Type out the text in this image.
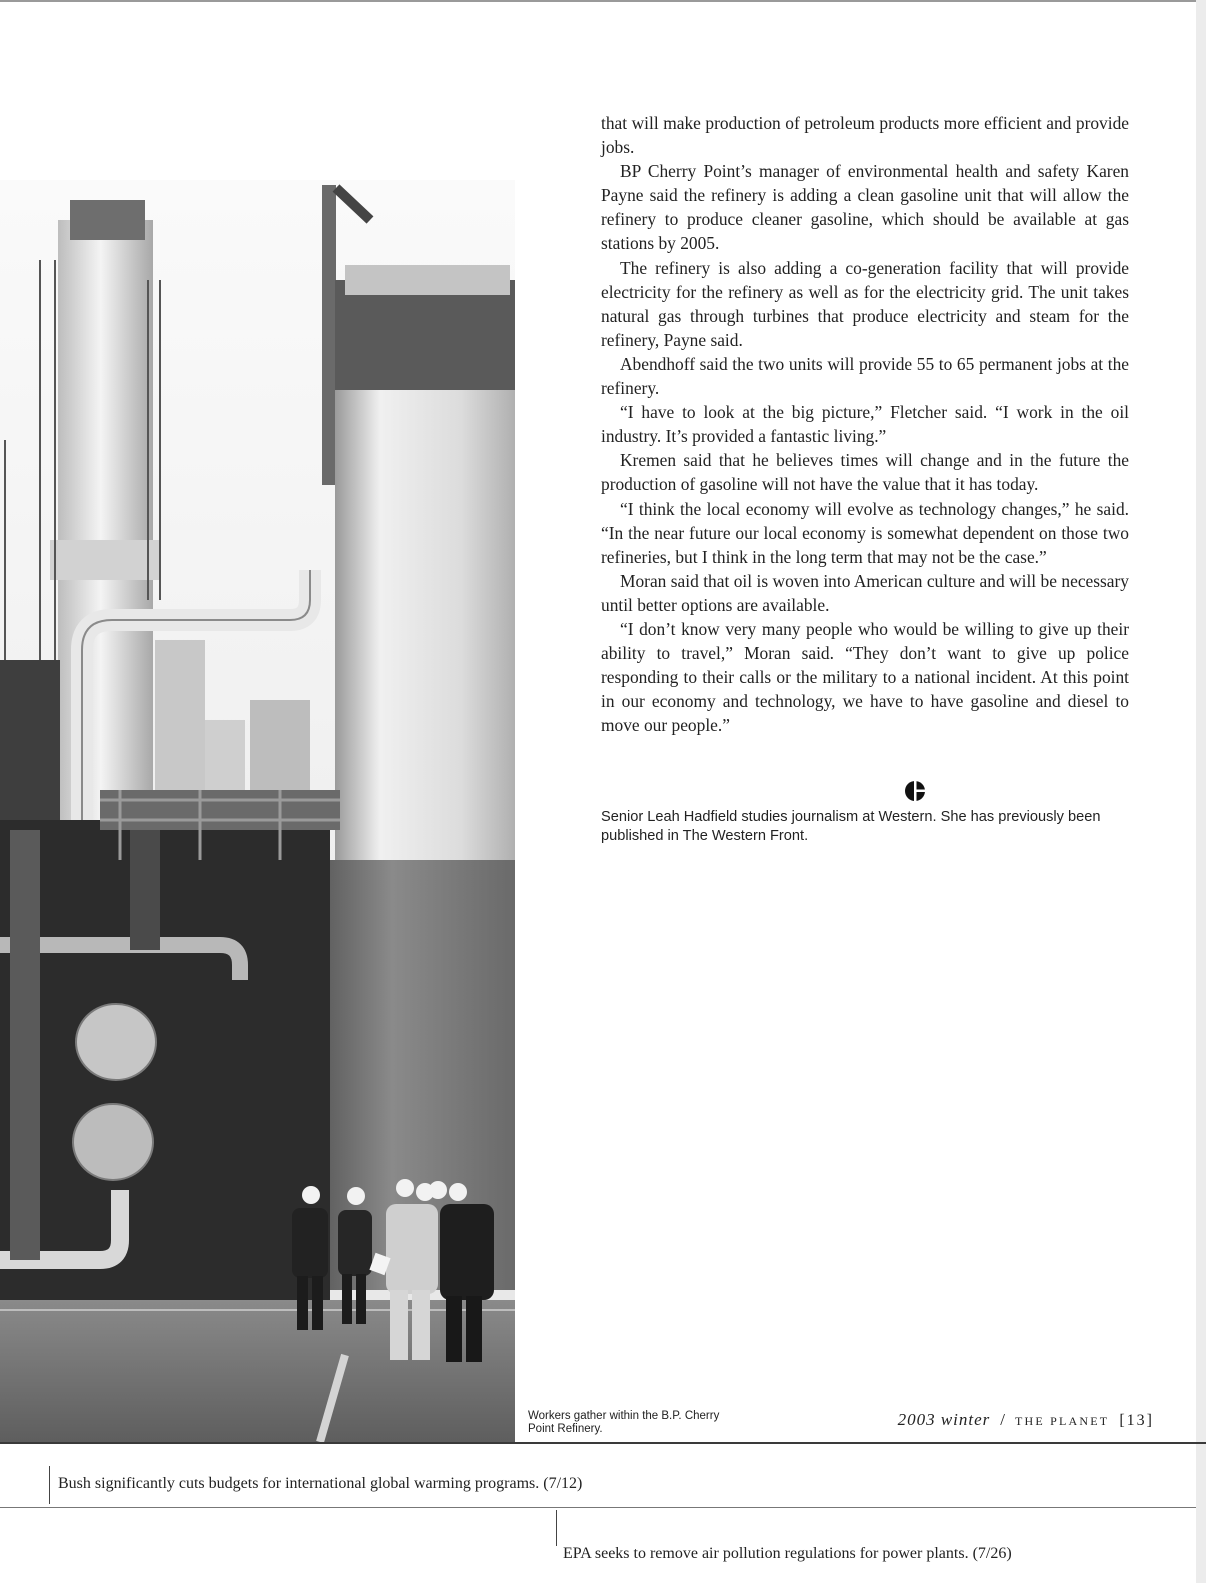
Workers gather within the B.P. Cherry Point Refinery.

that will make production of petroleum products more efficient and provide jobs.

BP Cherry Point’s manager of environmental health and safety Karen Payne said the refinery is adding a clean gasoline unit that will allow the refinery to produce cleaner gasoline, which should be available at gas stations by 2005.

The refinery is also adding a co-generation facility that will provide electricity for the refinery as well as for the electricity grid. The unit takes natural gas through turbines that produce electricity and steam for the refinery, Payne said.

Abendhoff said the two units will provide 55 to 65 permanent jobs at the refinery.

“I have to look at the big picture,” Fletcher said. “I work in the oil industry. It’s provided a fantastic living.”

Kremen said that he believes times will change and in the future the production of gasoline will not have the value that it has today.

“I think the local economy will evolve as technology changes,” he said. “In the near future our local economy is somewhat dependent on those two refineries, but I think in the long term that may not be the case.”

Moran said that oil is woven into American culture and will be necessary until better options are available.

“I don’t know very many people who would be willing to give up their ability to travel,” Moran said. “They don’t want to give up police responding to their calls or the military to a national incident. At this point in our economy and technology, we have to have gasoline and diesel to move our people.”

Senior Leah Hadfield studies journalism at Western. She has previously been published in The Western Front.
2003 winter / THE PLANET [13]
Bush significantly cuts budgets for international global warming programs. (7/12)
EPA seeks to remove air pollution regulations for power plants. (7/26)
